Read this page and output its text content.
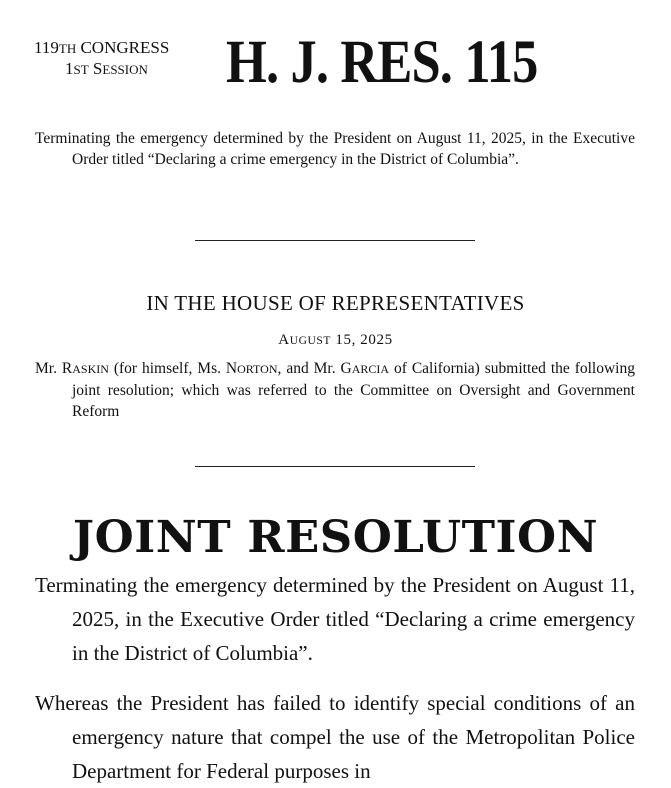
119TH CONGRESS
1ST SESSION	H. J. RES. 115

Terminating the emergency determined by the President on August 11, 2025, in the Executive Order titled “Declaring a crime emergency in the District of Columbia”.

IN THE HOUSE OF REPRESENTATIVES
AUGUST 15, 2025

Mr. RASKIN (for himself, Ms. NORTON, and Mr. GARCIA of California) submitted the following joint resolution; which was referred to the Committee on Oversight and Government Reform

JOINT RESOLUTION

Terminating the emergency determined by the President on August 11, 2025, in the Executive Order titled “Declaring a crime emergency in the District of Columbia”.

Whereas the President has failed to identify special conditions of an emergency nature that compel the use of the Metropolitan Police Department for Federal purposes in
